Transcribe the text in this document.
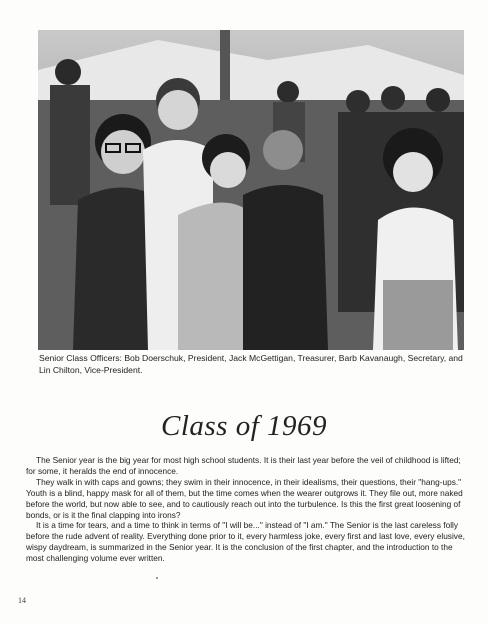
Senior Class Officers: Bob Doerschuk, President, Jack McGettigan, Treasurer, Barb Kavanaugh, Secretary, and Lin Chilton, Vice-President.
Class of 1969

The Senior year is the big year for most high school students. It is their last year before the veil of childhood is lifted; for some, it heralds the end of innocence.

They walk in with caps and gowns; they swim in their innocence, in their idealisms, their questions, their "hang-ups." Youth is a blind, happy mask for all of them, but the time comes when the wearer outgrows it. They file out, more naked before the world, but now able to see, and to cautiously reach out into the turbulence. Is this the first great loosening of bonds, or is it the final clapping into irons?

It is a time for tears, and a time to think in terms of "I will be..." instead of "I am." The Senior is the last careless folly before the rude advent of reality. Everything done prior to it, every harmless joke, every first and last love, every elusive, wispy daydream, is summarized in the Senior year. It is the conclusion of the first chapter, and the introduction to the most challenging volume ever written.

14
